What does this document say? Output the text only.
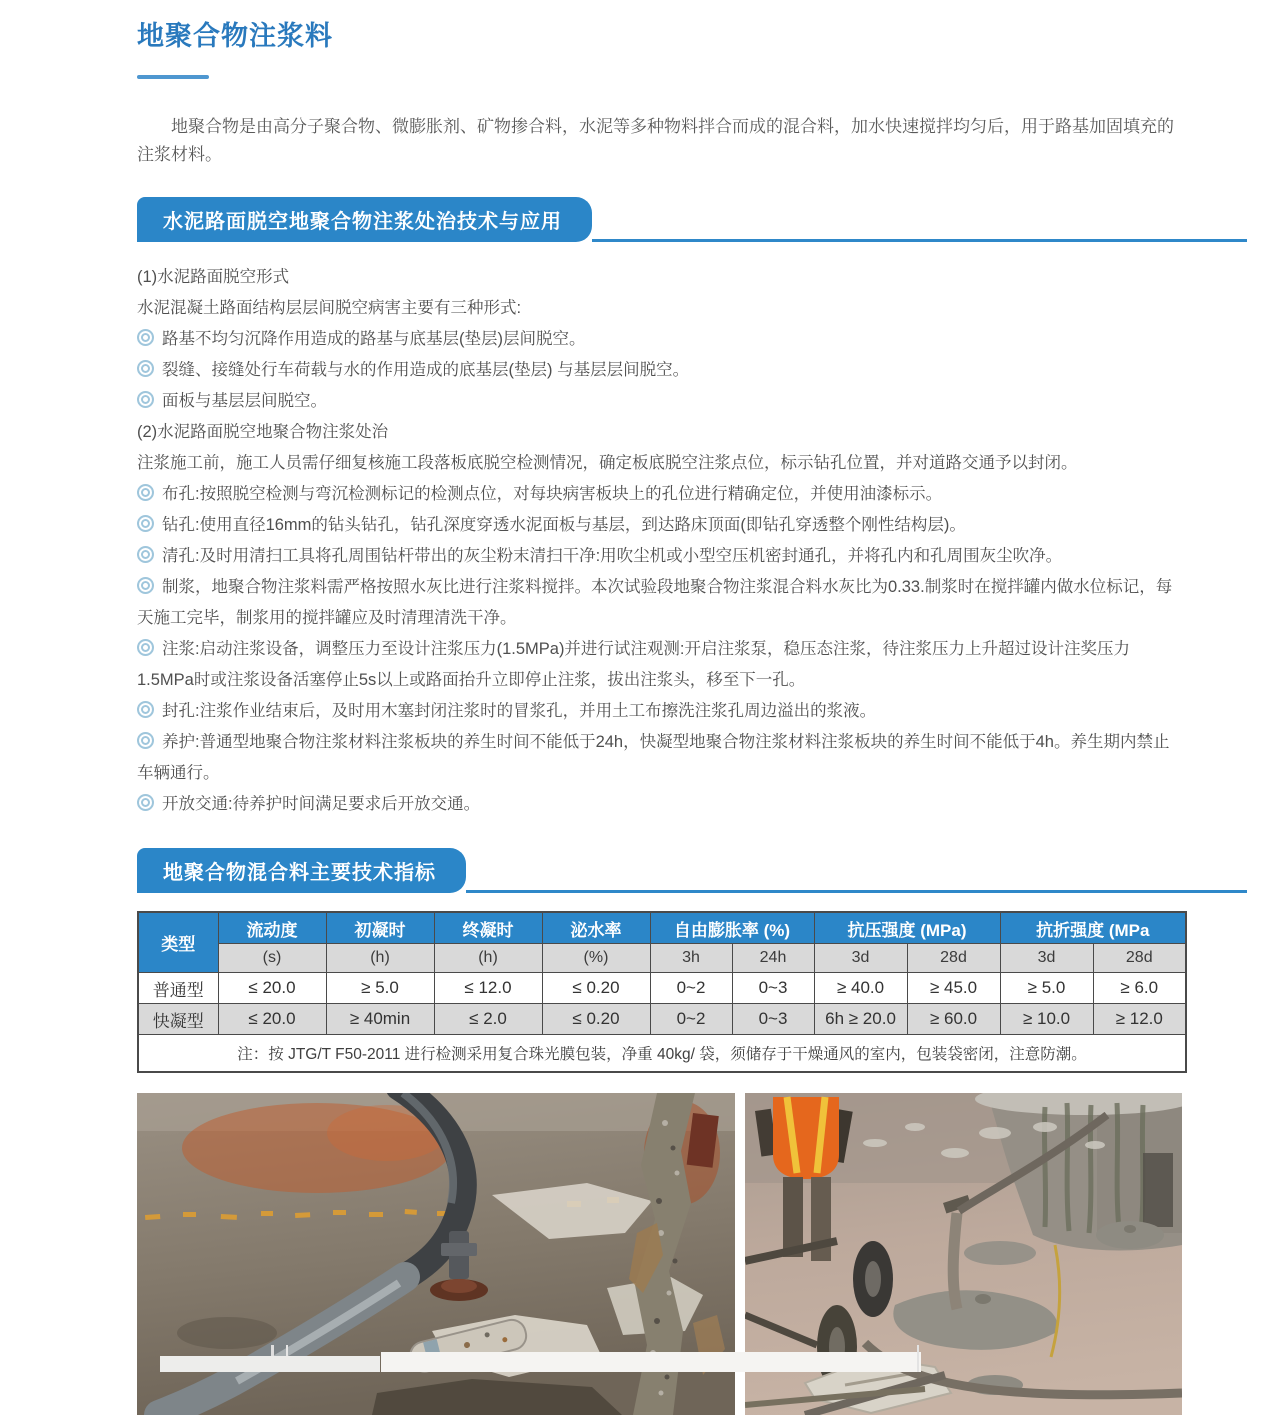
地聚合物注浆料

地聚合物是由高分子聚合物、微膨胀剂、矿物掺合料，水泥等多种物料拌合而成的混合料，加水快速搅拌均匀后，用于路基加固填充的注浆材料。

水泥路面脱空地聚合物注浆处治技术与应用

(1)水泥路面脱空形式

水泥混凝土路面结构层层间脱空病害主要有三种形式:

路基不均匀沉降作用造成的路基与底基层(垫层)层间脱空。

裂缝、接缝处行车荷载与水的作用造成的底基层(垫层) 与基层层间脱空。

面板与基层层间脱空。

(2)水泥路面脱空地聚合物注浆处治

注浆施工前，施工人员需仔细复核施工段落板底脱空检测情况，确定板底脱空注浆点位，标示钻孔位置，并对道路交通予以封闭。

布孔:按照脱空检测与弯沉检测标记的检测点位，对每块病害板块上的孔位进行精确定位，并使用油漆标示。

钻孔:使用直径16mm的钻头钻孔，钻孔深度穿透水泥面板与基层，到达路床顶面(即钻孔穿透整个刚性结构层)。

清孔:及时用清扫工具将孔周围钻杆带出的灰尘粉末清扫干净:用吹尘机或小型空压机密封通孔，并将孔内和孔周围灰尘吹净。

制浆，地聚合物注浆料需严格按照水灰比进行注浆料搅拌。本次试验段地聚合物注浆混合料水灰比为0.33.制浆时在搅拌罐内做水位标记，每天施工完毕，制浆用的搅拌罐应及时清理清洗干净。

注浆:启动注浆设备，调整压力至设计注浆压力(1.5MPa)并进行试注观测:开启注浆泵，稳压态注浆，待注浆压力上升超过设计注奖压力1.5MPa时或注浆设备活塞停止5s以上或路面抬升立即停止注浆，拔出注浆头，移至下一孔。

封孔:注浆作业结束后，及时用木塞封闭注浆时的冒浆孔，并用土工布擦洗注浆孔周边溢出的浆液。

养护:普通型地聚合物注浆材料注浆板块的养生时间不能低于24h，快凝型地聚合物注浆材料注浆板块的养生时间不能低于4h。养生期内禁止车辆通行。

开放交通:待养护时间满足要求后开放交通。

地聚合物混合料主要技术指标
类型	流动度	初凝时	终凝时	泌水率	自由膨胀率 (%)		抗压强度 (MPa)		抗折强度 (MPa	
	(s)	(h)	(h)	(%)	3h	24h	3d	28d	3d	28d
普通型	≤ 20.0	≥ 5.0	≤ 12.0	≤ 0.20	0~2	0~3	≥ 40.0	≥ 45.0	≥ 5.0	≥ 6.0
快凝型	≤ 20.0	≥ 40min	≤ 2.0	≤ 0.20	0~2	0~3	6h ≥ 20.0	≥ 60.0	≥ 10.0	≥ 12.0
注：按 JTG/T F50-2011 进行检测采用复合珠光膜包装，净重 40kg/ 袋，须储存于干燥通风的室内，包装袋密闭，注意防潮。										
